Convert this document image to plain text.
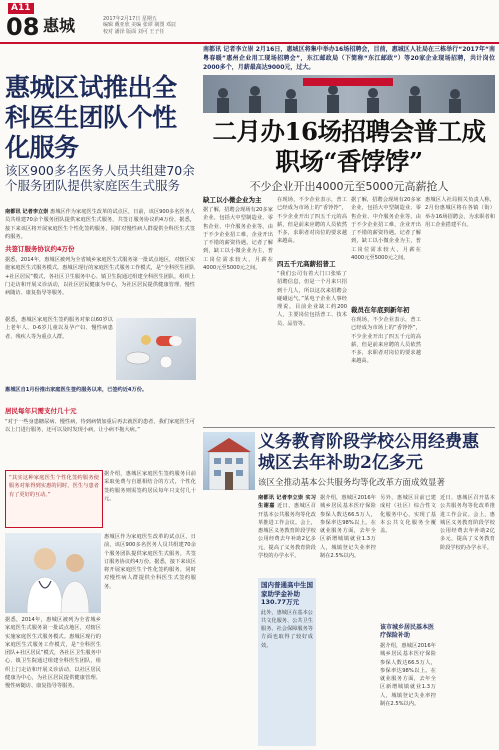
A11
08 惠城	2017年2月17日 星期五
编辑 戴亚欣 美编 张谭 制图 邓辰
校对 潘泽 版面 刘可 王子任
惠城区试推出全科医生团队个性化服务
该区900多名医务人员共组建70余个服务团队提供家庭医生式服务
南都讯 记者李立崇 惠城区作为家庭医生改革的试点区，日前，该区900多名医务人员共组建70余个服务团队提供家庭医生式服务，共签订服务协议约4万份。据悉，接下来该区将开展家庭医生个性化签约服务，同时对慢性病人群提供全科医生式签约服务。
共签订服务协议约4万份
据悉，2014年，惠城区被列为全省城乡家庭医生式服务第一批试点地区，对辖区实施家庭医生式服务模式。惠城区现行的家庭医生式服务工作模式，是“全科医生团队+社区居民”模式，各社区卫生服务中心、镇卫生院通过组建全科医生团队，组织上门走访和开展义诊活动，以社区居民健康为中心，为社区居民提供健康管理、慢性病随访、康复指导等服务。
据悉，惠城区家庭医生签约服务对象以60岁以上老年人、0-6岁儿童以及孕产妇、慢性病患者、残疾人等为重点人群。
惠城区自1月份推出家庭医生签约服务以来，已签约近4万份。
居民每年只需支付几十元
“对于一些身患糖尿病、慢性病，待到病情加重后再去就医的患者，我们家庭医生可以上门进行服务，还可以及时发现小病，让小病不拖大病。”
“其实这种家庭医生个性化签约服务使服务对象得到实惠的同时，医生与患者有了更好的互动。”
据介绍，惠城区家庭医生签约服务目前采取免费与自愿相结合的方式，个性化签约服务则需签约居民每年只支付几十元。
惠城区作为家庭医生改革的试点区，日前，该区900多名医务人员共组建70余个服务团队提供家庭医生式服务，共签订服务协议约4万份。据悉，接下来该区将开展家庭医生个性化签约服务，同时对慢性病人群提供全科医生式签约服务。
据悉，2014年，惠城区被列为全省城乡家庭医生式服务第一批试点地区，对辖区实施家庭医生式服务模式。惠城区现行的家庭医生式服务工作模式，是“全科医生团队+社区居民”模式，各社区卫生服务中心、镇卫生院通过组建全科医生团队，组织上门走访和开展义诊活动，以社区居民健康为中心，为社区居民提供健康管理、慢性病随访、康复指导等服务。
南都讯 记者李立崇 2月16日，惠城区将集中举办16场招聘会，目前，惠城区人社局在三栋举行“2017年“南粤春暖”惠州企业用工现场招聘会”，东江邮政局（下简称“东江邮政”）等20家企业现场招聘，共计岗位2000多个，月薪最高达9000元，过大。
二月办16场招聘会普工成职场“香饽饽”
不少企业开出4000元至5000元高薪抢人
缺工以小微企业为主
据了解，招聘会现场有20多家企业，包括大中型制造业、零售企业、中介服务企业等。由于不少企业招工难，企业开出了不错的薪资待遇。记者了解到，缺工以小微企业为主，普工岗位需求较大，月薪在4000元至5000元之间。
在现场，不少企业表示，普工已经成为市场上的“香饽饽”，不少企业开出了四五千元的高薪，但是前来应聘的人员依然不多，求职者对岗位的要求越来越高。
四五千元高薪招普工
“我们公司有着大门口张贴了招聘信息，但是一个月来只招到十几人，所以这次来招聘会碰碰运气。”某电子企业人事经理说。目前企业缺工约200人，主要岗位包括普工、技术员、品管等。
据了解，招聘会现场有20多家企业，包括大中型制造业、零售企业、中介服务企业等。由于不少企业招工难，企业开出了不错的薪资待遇。记者了解到，缺工以小微企业为主，普工岗位需求较大，月薪在4000元至5000元之间。
裁员在年底到新年初
在现场，不少企业表示，普工已经成为市场上的“香饽饽”，不少企业开出了四五千元的高薪，但是前来应聘的人员依然不多，求职者对岗位的要求越来越高。
惠城区人社局相关负责人称，2月份惠城区将在各镇（街）举办16场招聘会，为求职者和用工企业搭建平台。
义务教育阶段学校公用经费惠城区去年补助2亿多元
该区全推动基本公共服务均等化改革方面成效显著
南都讯 记者李立崇 实习生谢嘉 近日，惠城区召开基本公共服务均等化改革推进工作会议。会上，惠城区义务教育阶段学校公用经费去年补助2亿多元，提高了义务教育阶段学校的办学水平。
国内普通高中生国家助学金补助130.77万元
此外，惠城区在基本公共文化服务、公共卫生服务、社会保障服务等方面也取得了较好成效。
据介绍，惠城区2016年城乡居民基本医疗保险参保人数达66.5万人，参保率达98%以上。在就业服务方面，去年全区新增城镇就业1.3万人，城镇登记失业率控制在2.5%以内。
另外，惠城区目前已建成村（社区）综合性文化服务中心，实现了基本公共文化服务全覆盖。
该市城乡居民基本医疗保险补助
据介绍，惠城区2016年城乡居民基本医疗保险参保人数达66.5万人，参保率达98%以上。在就业服务方面，去年全区新增城镇就业1.3万人，城镇登记失业率控制在2.5%以内。
近日，惠城区召开基本公共服务均等化改革推进工作会议。会上，惠城区义务教育阶段学校公用经费去年补助2亿多元，提高了义务教育阶段学校的办学水平。
